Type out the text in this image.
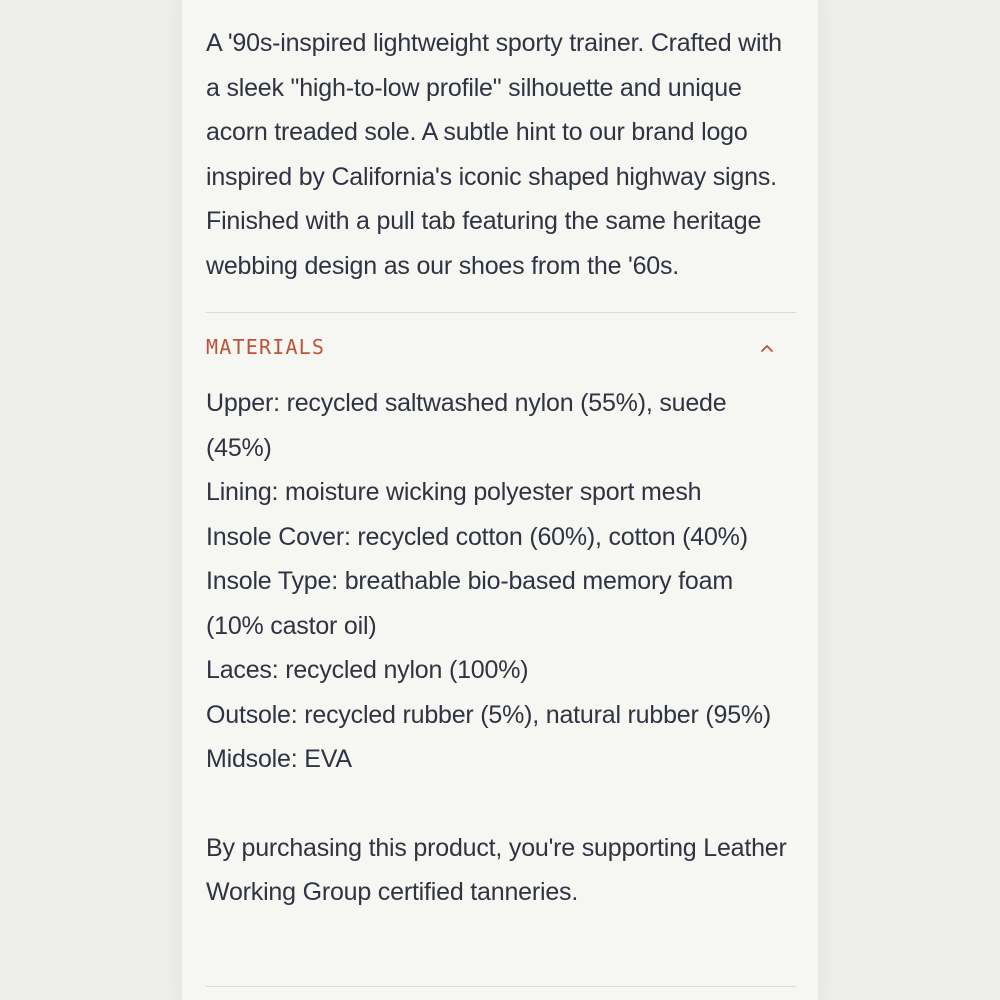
A '90s-inspired lightweight sporty trainer. Crafted with a sleek "high-to-low profile" silhouette and unique acorn treaded sole. A subtle hint to our brand logo inspired by California's iconic shaped highway signs. Finished with a pull tab featuring the same heritage webbing design as our shoes from the '60s.

MATERIALS
Upper: recycled saltwashed nylon (55%), suede (45%)
Lining: moisture wicking polyester sport mesh
Insole Cover: recycled cotton (60%), cotton (40%)
Insole Type: breathable bio-based memory foam (10% castor oil)
Laces: recycled nylon (100%)
Outsole: recycled rubber (5%), natural rubber (95%)
Midsole: EVA
By purchasing this product, you're supporting Leather Working Group certified tanneries.
